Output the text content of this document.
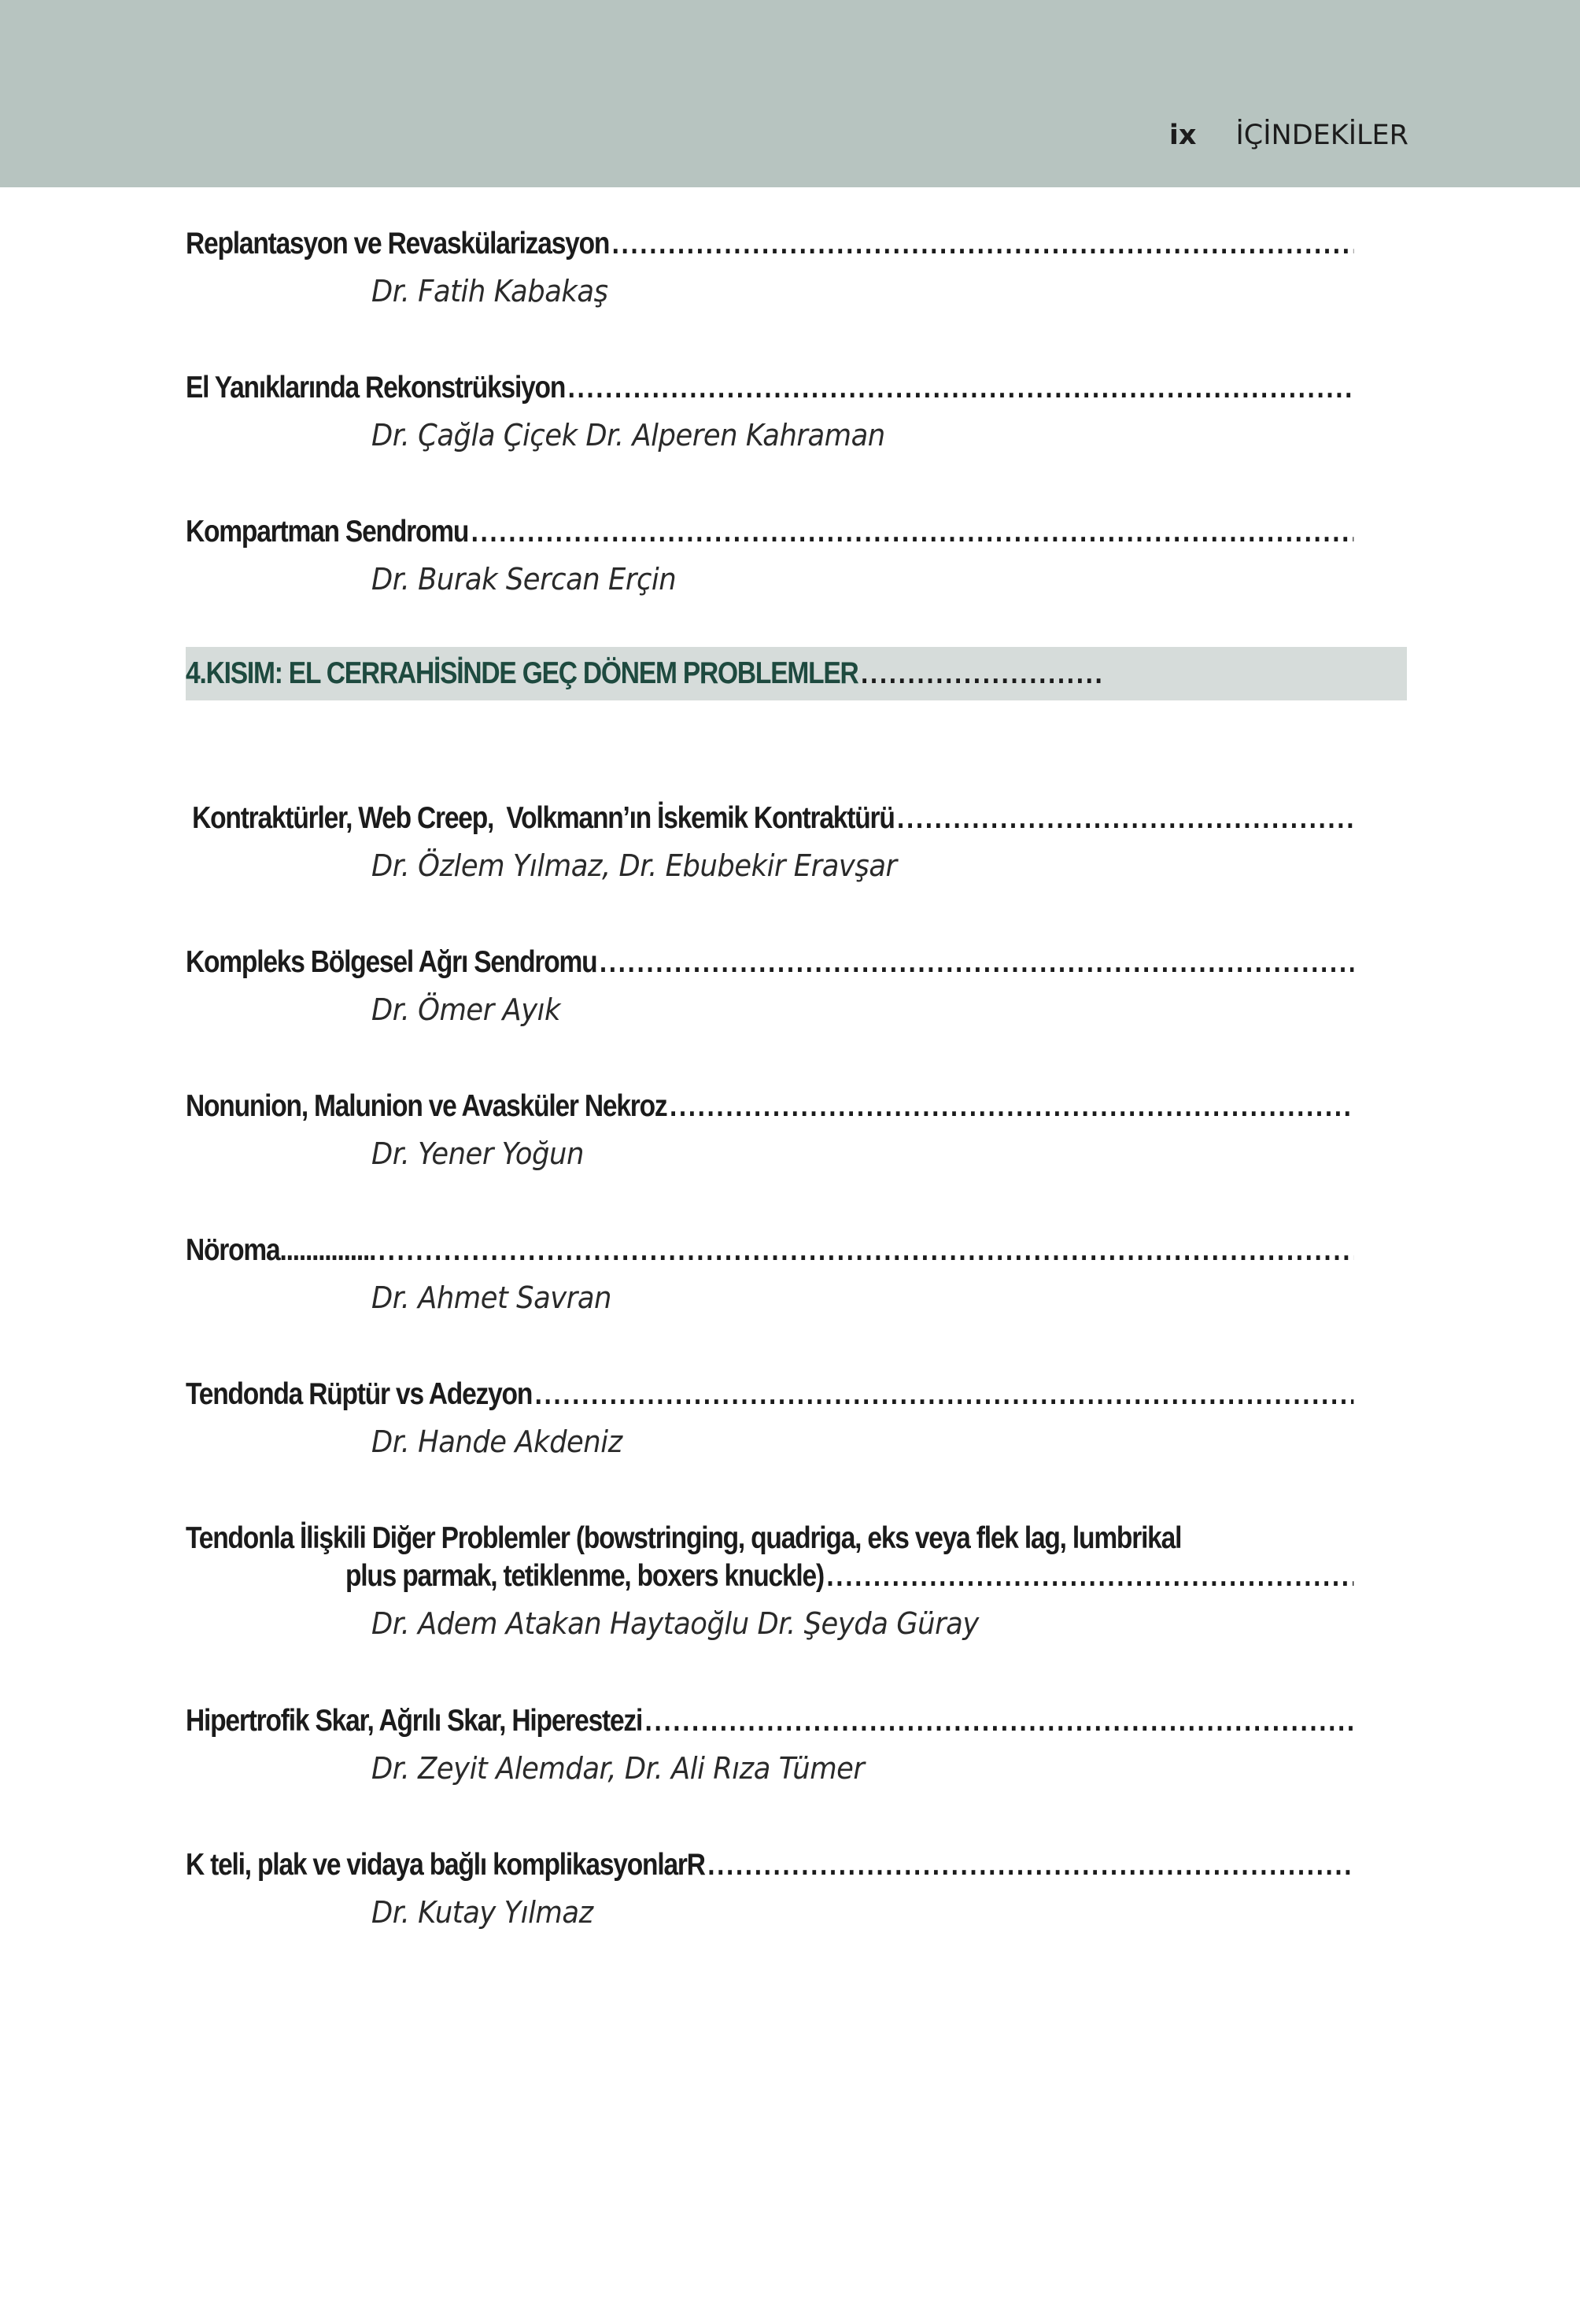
ix İÇİNDEKİLER
Replantasyon ve Revaskülarizasyon
.....
Dr. Fatih Kabakaş
El Yanıklarında Rekonstrüksiyon
.....
Dr. Çağla Çiçek Dr. Alperen Kahraman
Kompartman Sendromu
.....
Dr. Burak Sercan Erçin
4.KISIM: EL CERRAHİSİNDE GEÇ DÖNEM PROBLEMLER
.....
Kontraktürler, Web Creep,  Volkmann’ın İskemik Kontraktürü
.....
Dr. Özlem Yılmaz, Dr. Ebubekir Eravşar
Kompleks Bölgesel Ağrı Sendromu
.....
Dr. Ömer Ayık
Nonunion, Malunion ve Avasküler Nekroz
.....
Dr. Yener Yoğun
Nöroma...............
.....
Dr. Ahmet Savran
Tendonda Rüptür vs Adezyon
.....
Dr. Hande Akdeniz
Tendonla İlişkili Diğer Problemler (bowstringing, quadriga, eks veya flek lag, lumbrikal
plus parmak, tetiklenme, boxers knuckle)
.....
Dr. Adem Atakan Haytaoğlu Dr. Şeyda Güray
Hipertrofik Skar, Ağrılı Skar, Hiperestezi
.....
Dr. Zeyit Alemdar, Dr. Ali Rıza Tümer
K teli, plak ve vidaya bağlı komplikasyonlarR
.....
Dr. Kutay Yılmaz
